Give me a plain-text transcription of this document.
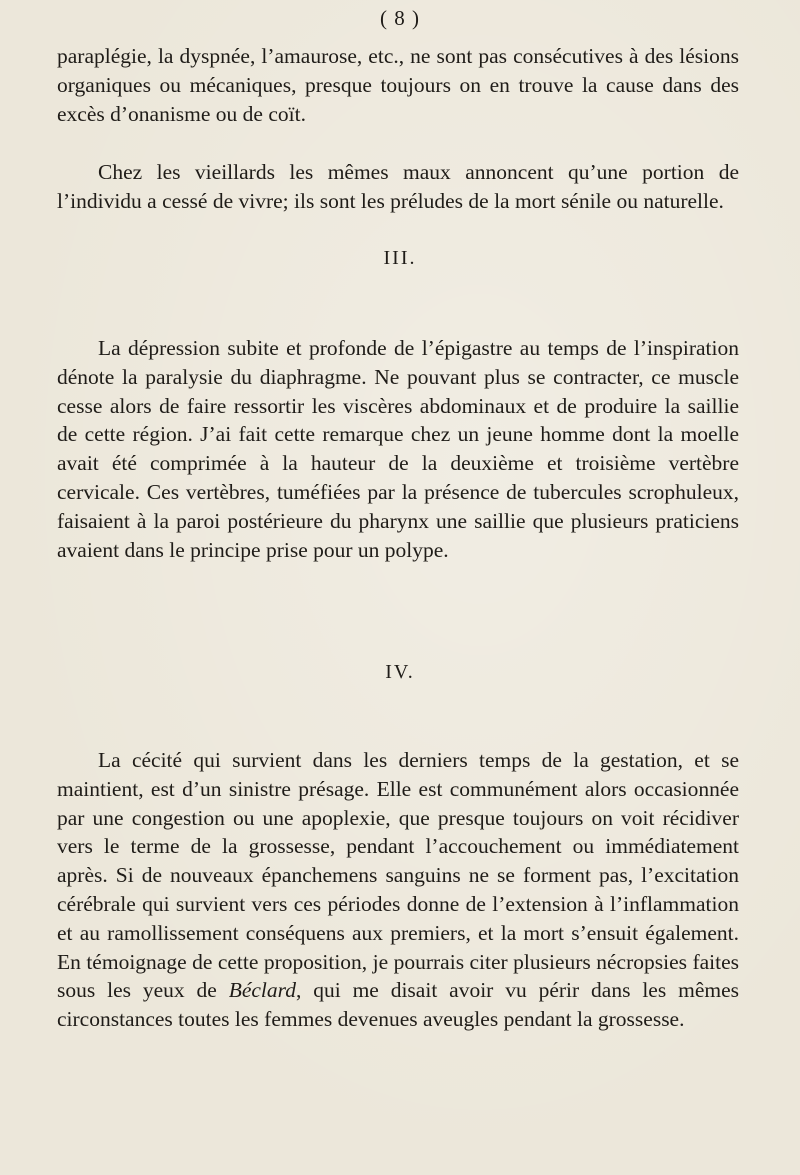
( 8 )

paraplégie, la dyspnée, l’amaurose, etc., ne sont pas consécutives à des lésions organiques ou mécaniques, presque toujours on en trouve la cause dans des excès d’onanisme ou de coït.

Chez les vieillards les mêmes maux annoncent qu’une portion de l’individu a cessé de vivre; ils sont les préludes de la mort sénile ou naturelle.

III.

La dépression subite et profonde de l’épigastre au temps de l’inspiration dénote la paralysie du diaphragme. Ne pouvant plus se contracter, ce muscle cesse alors de faire ressortir les viscères abdominaux et de produire la saillie de cette région. J’ai fait cette remarque chez un jeune homme dont la moelle avait été comprimée à la hauteur de la deuxième et troisième vertèbre cervicale. Ces vertèbres, tuméfiées par la présence de tubercules scrophuleux, faisaient à la paroi postérieure du pharynx une saillie que plusieurs praticiens avaient dans le principe prise pour un polype.

IV.

La cécité qui survient dans les derniers temps de la gestation, et se maintient, est d’un sinistre présage. Elle est communément alors occasionnée par une congestion ou une apoplexie, que presque toujours on voit récidiver vers le terme de la grossesse, pendant l’accouchement ou immédiatement après. Si de nouveaux épanchemens sanguins ne se forment pas, l’excitation cérébrale qui survient vers ces périodes donne de l’extension à l’inflammation et au ramollissement conséquens aux premiers, et la mort s’ensuit également. En témoignage de cette proposition, je pourrais citer plusieurs nécropsies faites sous les yeux de Béclard, qui me disait avoir vu périr dans les mêmes circonstances toutes les femmes devenues aveugles pendant la grossesse.
